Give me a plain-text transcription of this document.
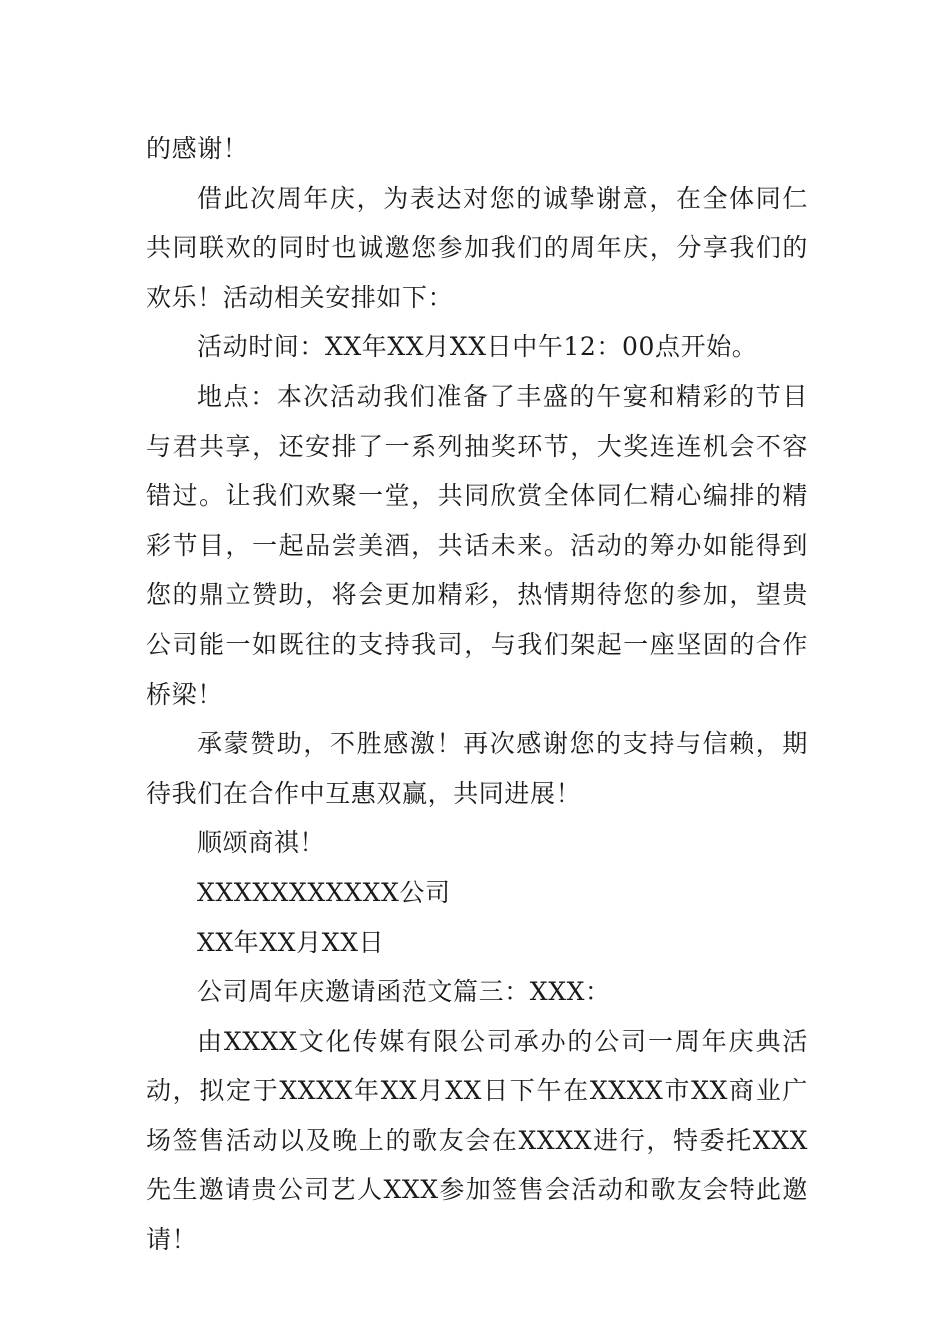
的感谢！

借此次周年庆，为表达对您的诚挚谢意，在全体同仁共同联欢的同时也诚邀您参加我们的周年庆，分享我们的欢乐！活动相关安排如下：

活动时间：XX年XX月XX日中午12：00点开始。

地点：本次活动我们准备了丰盛的午宴和精彩的节目与君共享，还安排了一系列抽奖环节，大奖连连机会不容错过。让我们欢聚一堂，共同欣赏全体同仁精心编排的精彩节目，一起品尝美酒，共话未来。活动的筹办如能得到您的鼎立赞助，将会更加精彩，热情期待您的参加，望贵公司能一如既往的支持我司，与我们架起一座坚固的合作桥梁！

承蒙赞助，不胜感激！再次感谢您的支持与信赖，期待我们在合作中互惠双赢，共同进展！

顺颂商祺！

XXXXXXXXXXX公司

XX年XX月XX日

公司周年庆邀请函范文篇三：XXX：

由XXXX文化传媒有限公司承办的公司一周年庆典活动，拟定于XXXX年XX月XX日下午在XXXX市XX商业广场签售活动以及晚上的歌友会在XXXX进行，特委托XXX先生邀请贵公司艺人XXX参加签售会活动和歌友会特此邀请！
